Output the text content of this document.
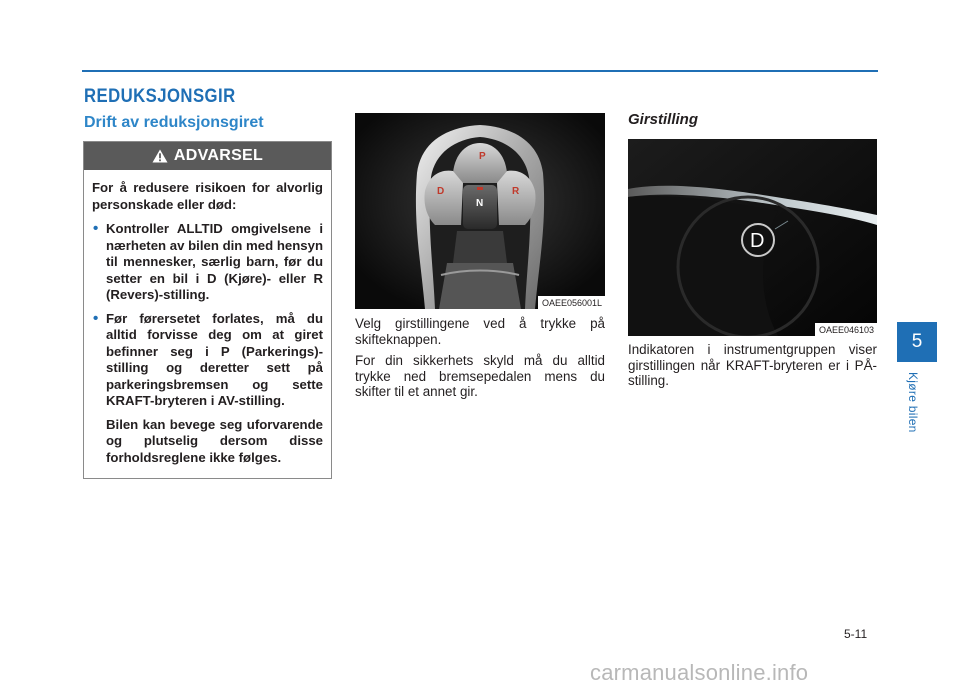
REDUKSJONSGIR
Drift av reduksjonsgiret
ADVARSEL

For å redusere risikoen for alvorlig personskade eller død:

• Kontroller ALLTID omgivelsene i nærheten av bilen din med hensyn til mennesker, særlig barn, før du setter en bil i D (Kjøre)- eller R (Revers)-stilling.
• Før førersetet forlates, må du alltid forvisse deg om at giret befinner seg i P (Parkerings)-stilling og deretter sett på parkeringsbremsen og sette KRAFT-bryteren i AV-stilling.

Bilen kan bevege seg uforvarende og plutselig dersom disse forholdsreglene ikke følges.

P
D	R
N
OAEE056001L

Velg girstillingene ved å trykke på skifteknappen.

For din sikkerhets skyld må du alltid trykke ned bremsepedalen mens du skifter til et annet gir.

Girstilling
D
OAEE046103

Indikatoren i instrumentgruppen viser girstillingen når KRAFT-bryteren er i PÅ-stilling.

5
Kjøre bilen
5-11
carmanualsonline.info
